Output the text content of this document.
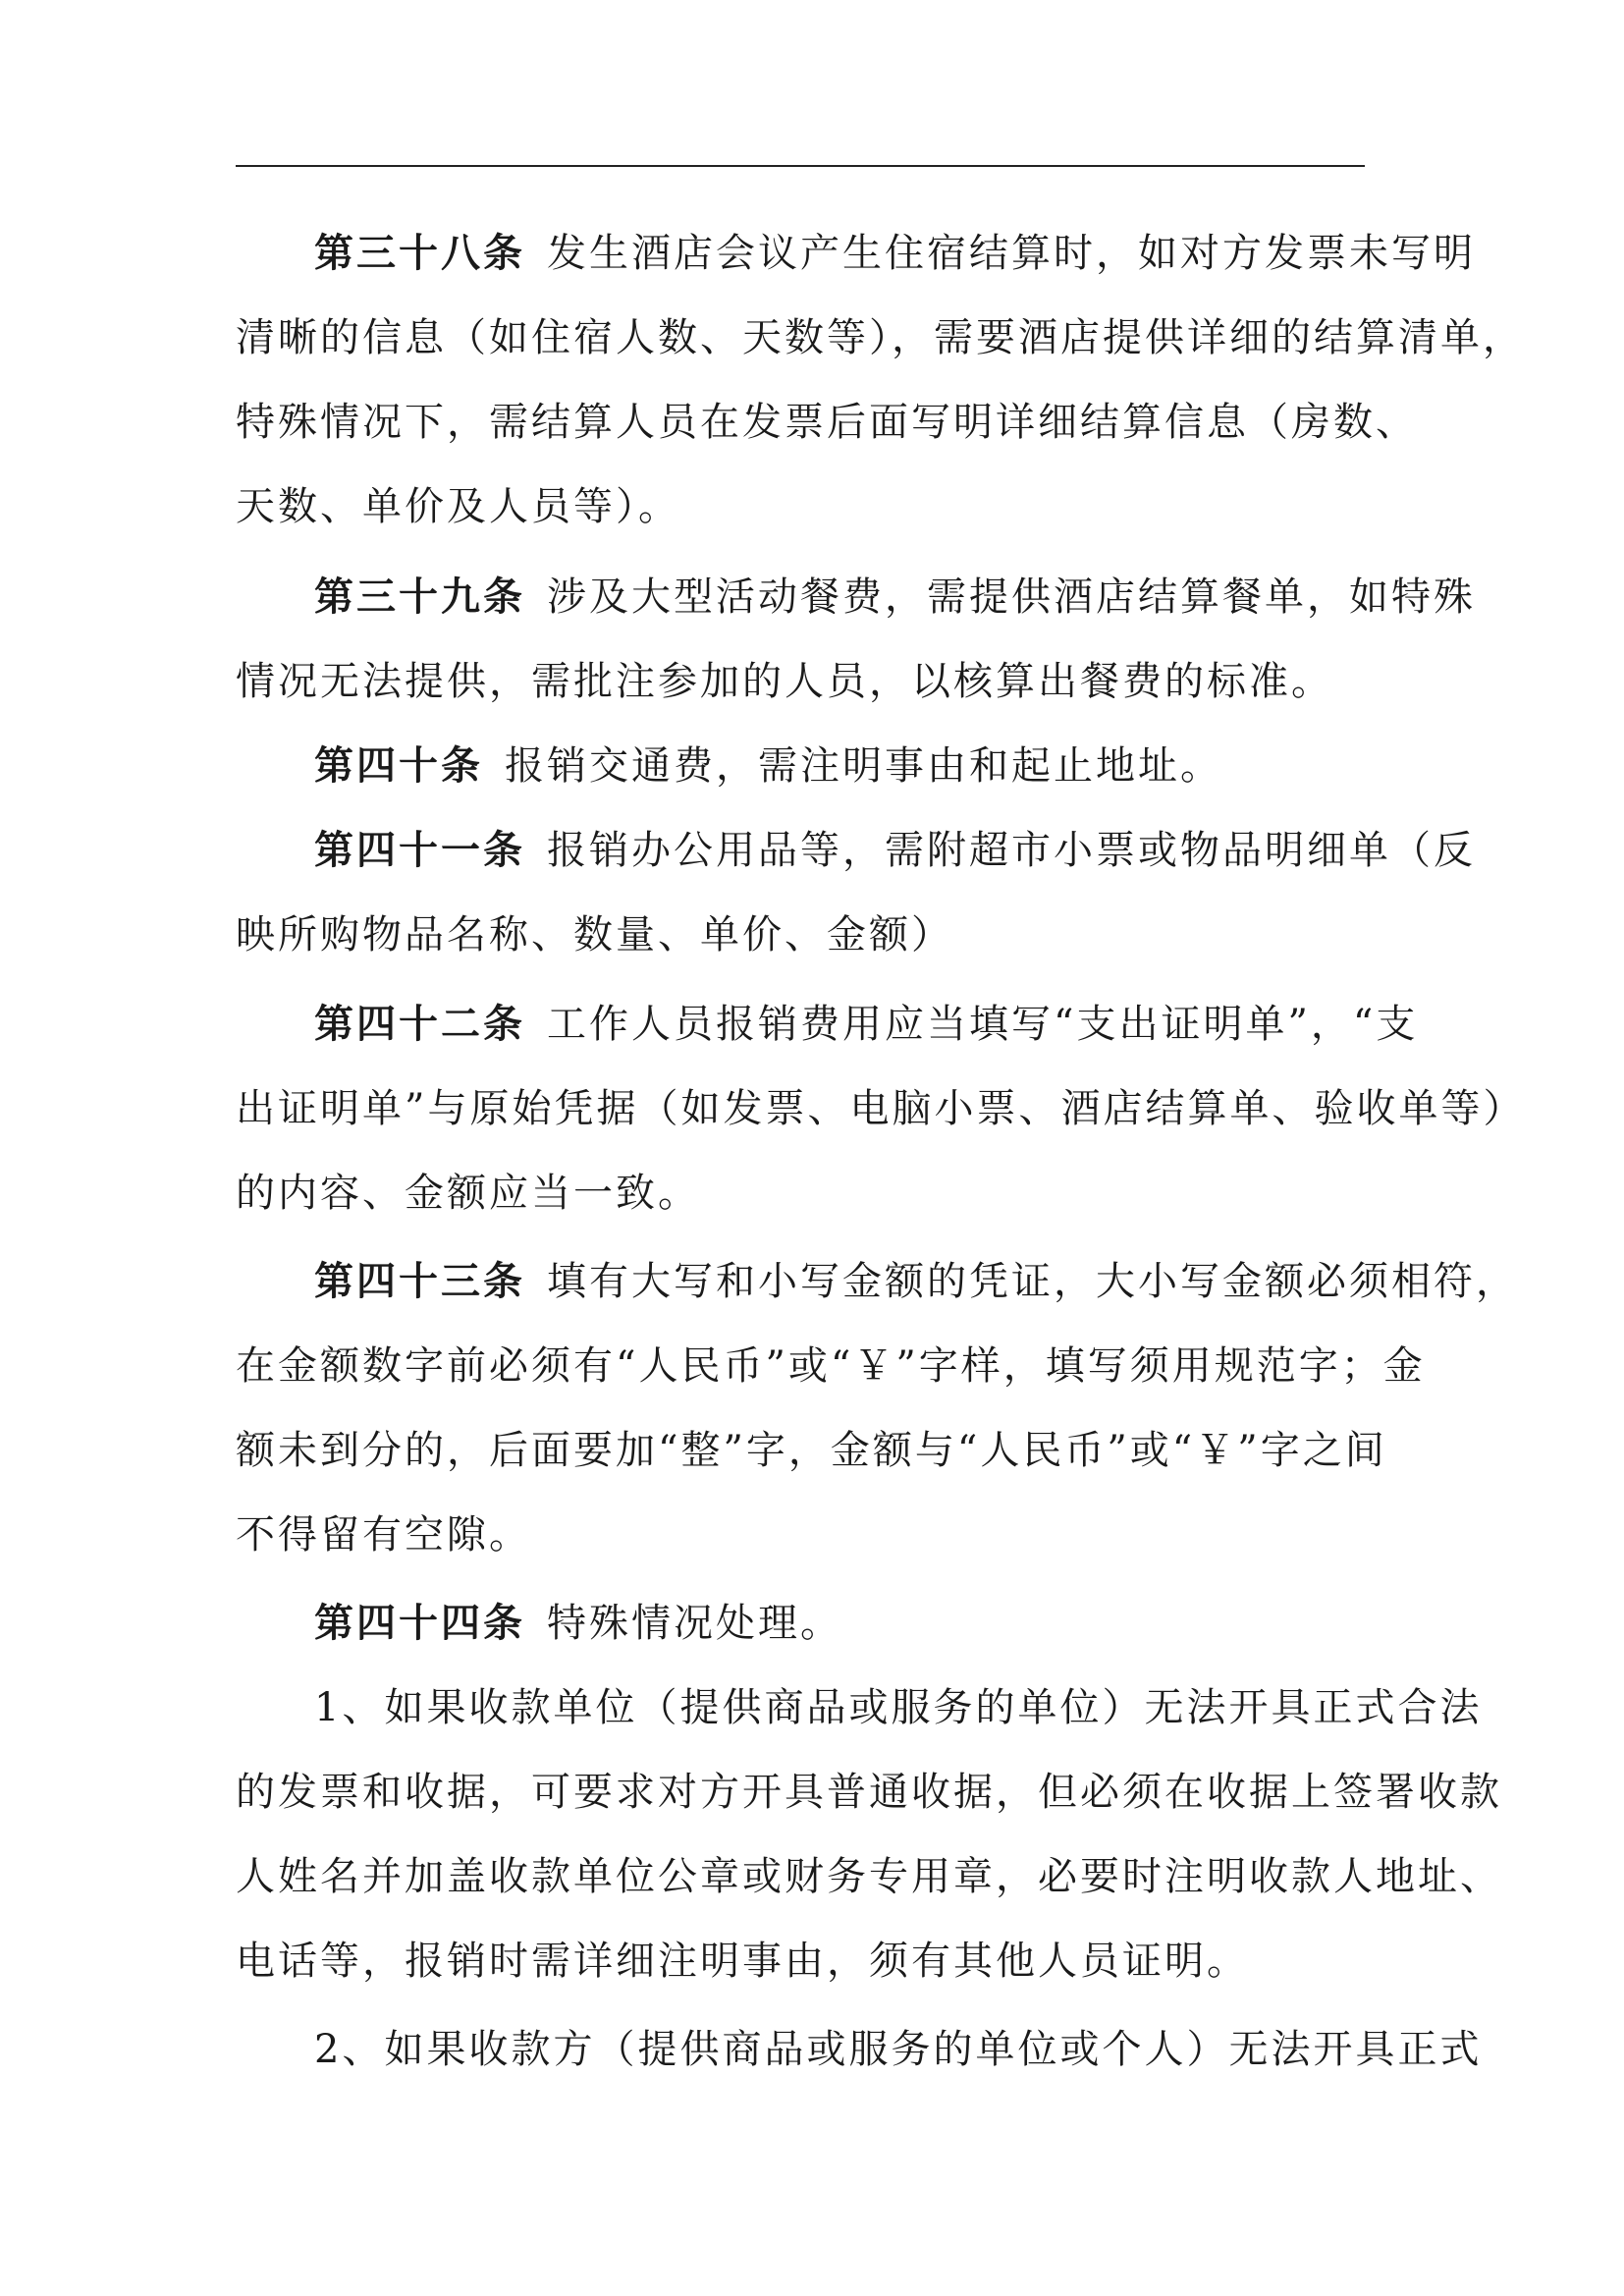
第三十八条 发生酒店会议产生住宿结算时，如对方发票未写明
清晰的信息（如住宿人数、天数等），需要酒店提供详细的结算清单，
特殊情况下，需结算人员在发票后面写明详细结算信息（房数、
天数、单价及人员等）。
第三十九条 涉及大型活动餐费，需提供酒店结算餐单，如特殊
情况无法提供，需批注参加的人员，以核算出餐费的标准。
第四十条 报销交通费，需注明事由和起止地址。
第四十一条 报销办公用品等，需附超市小票或物品明细单（反
映所购物品名称、数量、单价、金额）
第四十二条 工作人员报销费用应当填写“支出证明单”，“支
出证明单”与原始凭据（如发票、电脑小票、酒店结算单、验收单等）
的内容、金额应当一致。
第四十三条 填有大写和小写金额的凭证，大小写金额必须相符，
在金额数字前必须有“人民币”或“￥”字样，填写须用规范字；金
额未到分的，后面要加“整”字，金额与“人民币”或“￥”字之间
不得留有空隙。
第四十四条 特殊情况处理。
1、如果收款单位（提供商品或服务的单位）无法开具正式合法
的发票和收据，可要求对方开具普通收据，但必须在收据上签署收款
人姓名并加盖收款单位公章或财务专用章，必要时注明收款人地址、
电话等，报销时需详细注明事由，须有其他人员证明。
2、如果收款方（提供商品或服务的单位或个人）无法开具正式
